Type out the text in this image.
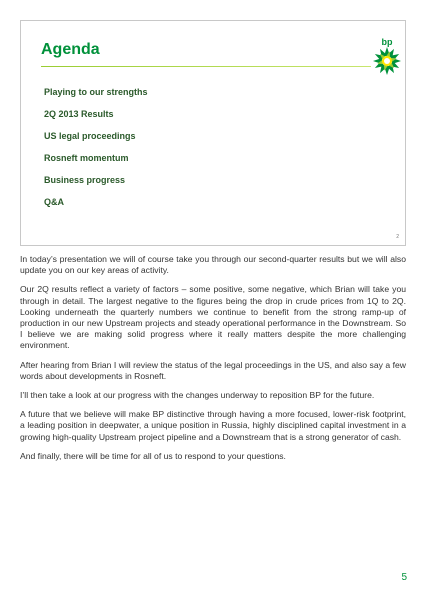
Agenda	bp
Playing to our strengths
2Q 2013 Results
US legal proceedings
Rosneft momentum
Business progress
Q&A
2

In today’s presentation we will of course take you through our second-quarter results but we will also update you on our key areas of activity.

Our 2Q results reflect a variety of factors – some positive, some negative, which Brian will take you through in detail. The largest negative to the figures being the drop in crude prices from 1Q to 2Q. Looking underneath the quarterly numbers we continue to benefit from the strong ramp-up of production in our new Upstream projects and steady operational performance in the Downstream. So I believe we are making solid progress where it really matters despite the more challenging environment.

After hearing from Brian I will review the status of the legal proceedings in the US, and also say a few words about developments in Rosneft.

I’ll then take a look at our progress with the changes underway to reposition BP for the future.

A future that we believe will make BP distinctive through having a more focused, lower-risk footprint, a leading position in deepwater, a unique position in Russia, highly disciplined capital investment in a growing high-quality Upstream project pipeline and a Downstream that is a strong generator of cash.

And finally, there will be time for all of us to respond to your questions.

5
